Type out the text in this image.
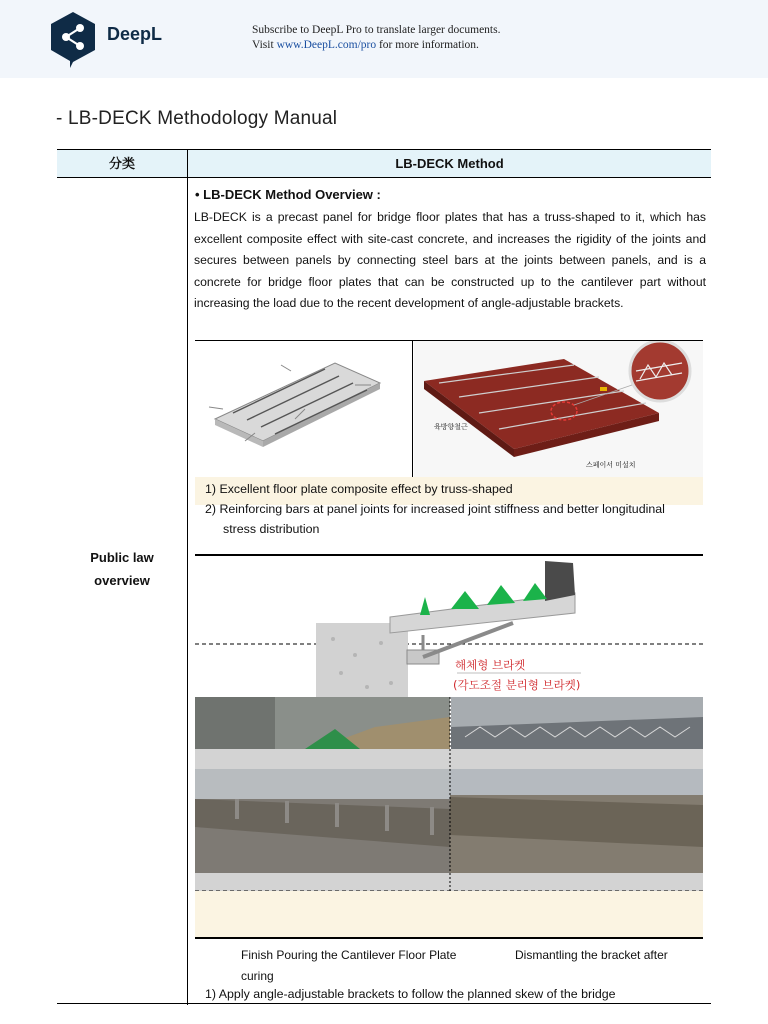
DeepL	Subscribe to DeepL Pro to translate larger documents.
Visit www.DeepL.com/pro for more information.
- LB-DECK Methodology Manual
分类	LB-DECK Method
Public law
overview
• LB-DECK Method Overview :
LB-DECK is a precast panel for bridge floor plates that has a truss-shaped to it, which has excellent composite effect with site-cast concrete, and increases the rigidity of the joints and secures between panels by connecting steel bars at the joints between panels, and is a concrete for bridge floor plates that can be constructed up to the cantilever part without increasing the load due to the recent development of angle-adjustable brackets.
육방향철근
스페이서 미설치
1) Excellent floor plate composite effect by truss-shaped
2) Reinforcing bars at panel joints for increased joint stiffness and better longitudinal
stress distribution
해체형 브라켓
(각도조절 분리형 브라켓)
Finish Pouring the Cantilever Floor Plate
curing
Dismantling the bracket after
1) Apply angle-adjustable brackets to follow the planned skew of the bridge
